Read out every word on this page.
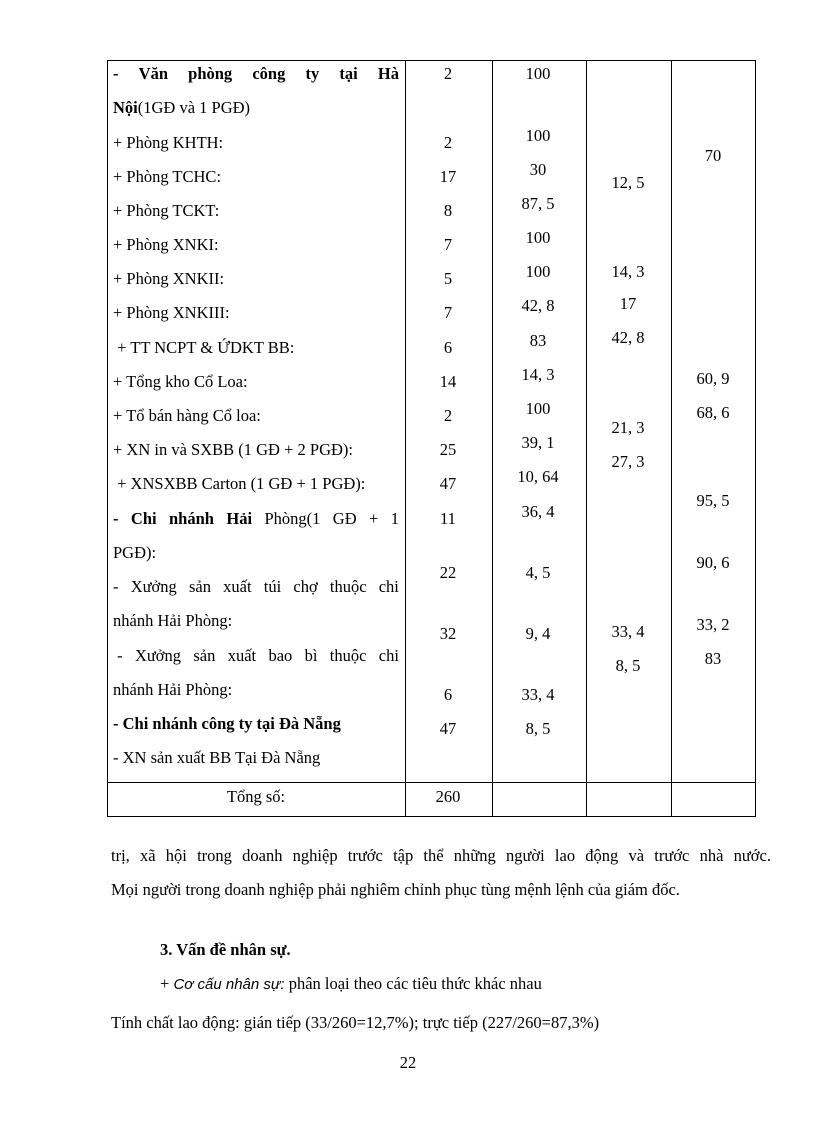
- Văn phòng công ty tại Hà
Nội(1GĐ và 1 PGĐ)
+ Phòng KHTH:
+ Phòng TCHC:
+ Phòng TCKT:
+ Phòng XNKI:
+ Phòng XNKII:
+ Phòng XNKIII:
+ TT NCPT & ỨDKT BB:
+ Tổng kho Cổ Loa:
+ Tổ bán hàng Cổ loa:
+ XN in và SXBB (1 GĐ + 2 PGĐ):
+ XNSXBB Carton (1 GĐ + 1 PGĐ):
- Chi nhánh Hải Phòng(1 GĐ + 1
PGĐ):
- Xưởng sản xuất túi chợ thuộc chi
nhánh Hải Phòng:
- Xưởng sản xuất bao bì thuộc chi
nhánh Hải Phòng:
- Chi nhánh công ty tại Đà Nẵng
- XN sản xuất BB Tại Đà Nẵng
Tổng số:
2
2
17
8
7
5
7
6
14
2
25
47
11
22
32
6
47
260
100
100
30
87, 5
100
100
42, 8
83
14, 3
100
39, 1
10, 64
36, 4
4, 5
9, 4
33, 4
8, 5
12, 5
14, 3
17
42, 8
21, 3
27, 3
33, 4
8, 5
70
60, 9
68, 6
95, 5
90, 6
33, 2
83
trị, xã hội trong doanh nghiệp trước tập thể những người lao động và trước nhà nước.
Mọi người trong doanh nghiệp phải nghiêm chỉnh phục tùng mệnh lệnh của giám đốc.
3. Vấn đề nhân sự.
+ Cơ cấu nhân sự: phân loại theo các tiêu thức khác nhau
Tính chất lao động: gián tiếp (33/260=12,7%); trực tiếp (227/260=87,3%)
22
